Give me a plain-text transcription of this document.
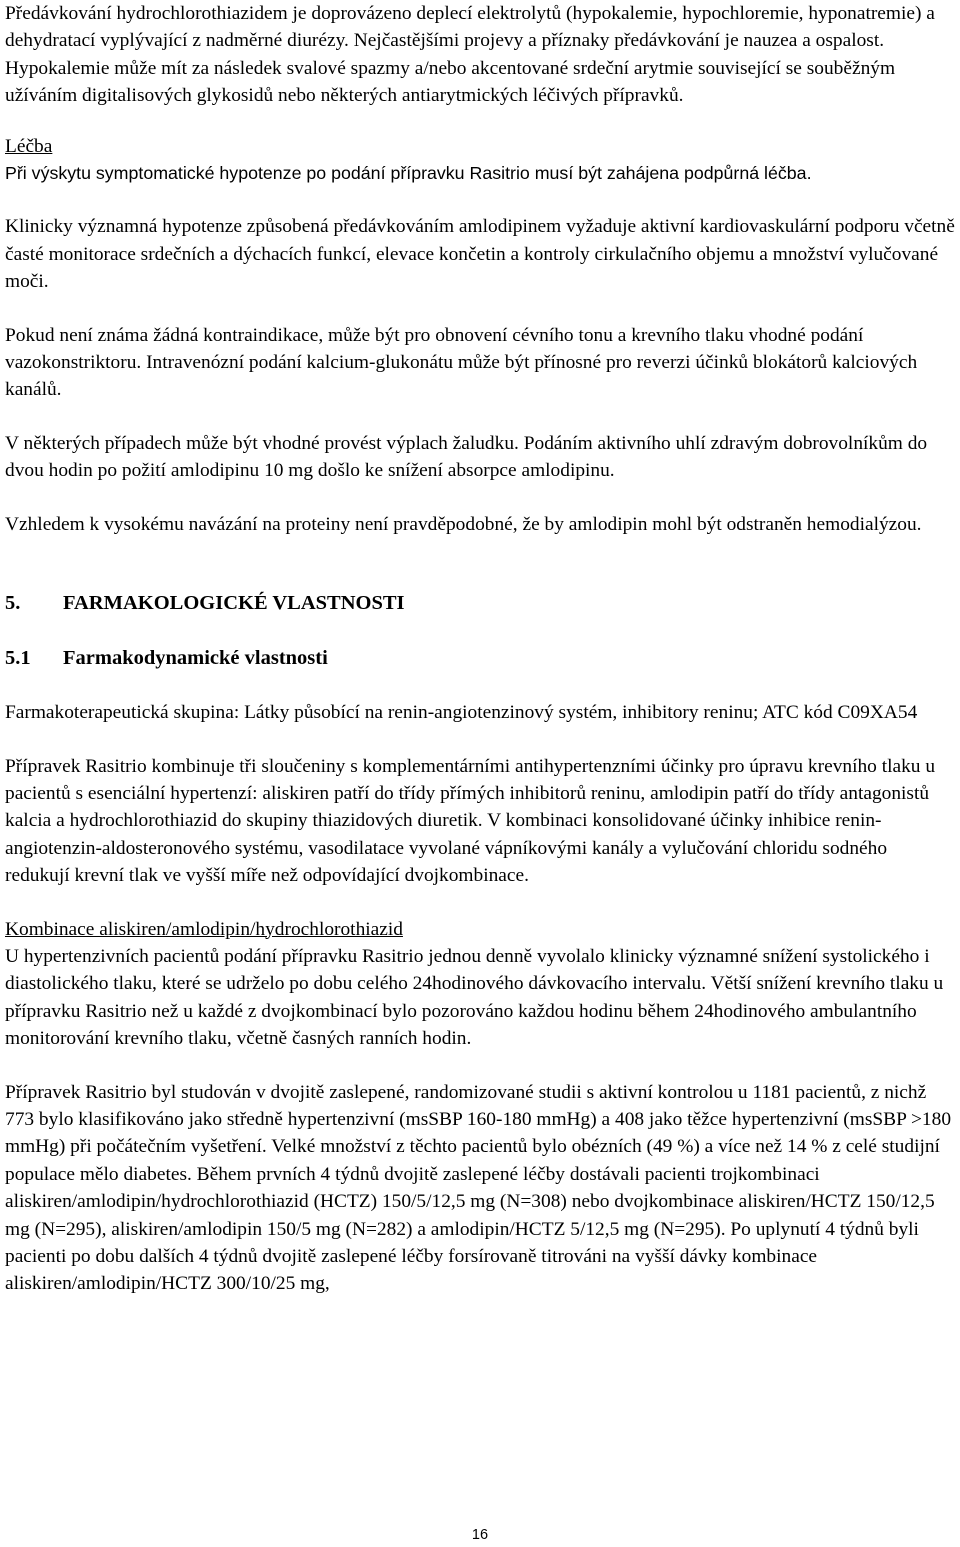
Předávkování hydrochlorothiazidem je doprovázeno deplecí elektrolytů (hypokalemie, hypochloremie, hyponatremie) a dehydratací vyplývající z nadměrné diurézy. Nejčastějšími projevy a příznaky předávkování je nauzea a ospalost. Hypokalemie může mít za následek svalové spazmy a/nebo akcentované srdeční arytmie související se souběžným užíváním digitalisových glykosidů nebo některých antiarytmických léčivých přípravků.

Léčba

Při výskytu symptomatické hypotenze po podání přípravku Rasitrio musí být zahájena podpůrná léčba.

Klinicky významná hypotenze způsobená předávkováním amlodipinem vyžaduje aktivní kardiovaskulární podporu včetně časté monitorace srdečních a dýchacích funkcí, elevace končetin a kontroly cirkulačního objemu a množství vylučované moči.

Pokud není známa žádná kontraindikace, může být pro obnovení cévního tonu a krevního tlaku vhodné podání vazokonstriktoru. Intravenózní podání kalcium-glukonátu může být přínosné pro reverzi účinků blokátorů kalciových kanálů.

V některých případech může být vhodné provést výplach žaludku. Podáním aktivního uhlí zdravým dobrovolníkům do dvou hodin po požití amlodipinu 10 mg došlo ke snížení absorpce amlodipinu.

Vzhledem k vysokému navázání na proteiny není pravděpodobné, že by amlodipin mohl být odstraněn hemodialýzou.

5.	FARMAKOLOGICKÉ VLASTNOSTI
5.1	Farmakodynamické vlastnosti

Farmakoterapeutická skupina: Látky působící na renin-angiotenzinový systém, inhibitory reninu; ATC kód C09XA54

Přípravek Rasitrio kombinuje tři sloučeniny s komplementárními antihypertenzními účinky pro úpravu krevního tlaku u pacientů s esenciální hypertenzí: aliskiren patří do třídy přímých inhibitorů reninu, amlodipin patří do třídy antagonistů kalcia a hydrochlorothiazid do skupiny thiazidových diuretik. V kombinaci konsolidované účinky inhibice renin-angiotenzin-aldosteronového systému, vasodilatace vyvolané vápníkovými kanály a vylučování chloridu sodného redukují krevní tlak ve vyšší míře než odpovídající dvojkombinace.

Kombinace aliskiren/amlodipin/hydrochlorothiazid

U hypertenzivních pacientů podání přípravku Rasitrio jednou denně vyvolalo klinicky významné snížení systolického i diastolického tlaku, které se udrželo po dobu celého 24hodinového dávkovacího intervalu. Větší snížení krevního tlaku u přípravku Rasitrio než u každé z dvojkombinací bylo pozorováno každou hodinu během 24hodinového ambulantního monitorování krevního tlaku, včetně časných ranních hodin.

Přípravek Rasitrio byl studován v dvojitě zaslepené, randomizované studii s aktivní kontrolou u 1181 pacientů, z nichž 773 bylo klasifikováno jako středně hypertenzivní (msSBP 160-180 mmHg) a 408 jako těžce hypertenzivní (msSBP >180 mmHg) při počátečním vyšetření. Velké množství z těchto pacientů bylo obézních (49 %) a více než 14 % z celé studijní populace mělo diabetes. Během prvních 4 týdnů dvojitě zaslepené léčby dostávali pacienti trojkombinaci aliskiren/amlodipin/hydrochlorothiazid (HCTZ) 150/5/12,5 mg (N=308) nebo dvojkombinace aliskiren/HCTZ 150/12,5 mg (N=295), aliskiren/amlodipin 150/5 mg (N=282) a amlodipin/HCTZ 5/12,5 mg (N=295). Po uplynutí 4 týdnů byli pacienti po dobu dalších 4 týdnů dvojitě zaslepené léčby forsírovaně titrováni na vyšší dávky kombinace aliskiren/amlodipin/HCTZ 300/10/25 mg,

16
